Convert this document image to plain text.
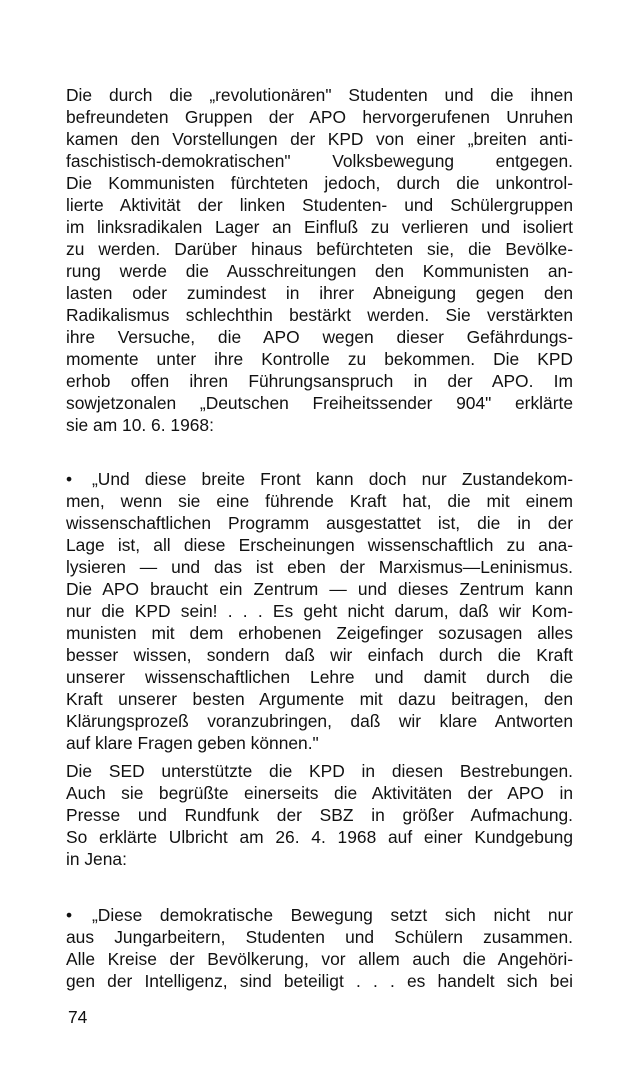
Die durch die „revolutionären" Studenten und die ihnen
befreundeten Gruppen der APO hervorgerufenen Unruhen
kamen den Vorstellungen der KPD von einer „breiten anti-
faschistisch-demokratischen" Volksbewegung entgegen.
Die Kommunisten fürchteten jedoch, durch die unkontrol-
lierte Aktivität der linken Studenten- und Schülergruppen
im linksradikalen Lager an Einfluß zu verlieren und isoliert
zu werden. Darüber hinaus befürchteten sie, die Bevölke-
rung werde die Ausschreitungen den Kommunisten an-
lasten oder zumindest in ihrer Abneigung gegen den
Radikalismus schlechthin bestärkt werden. Sie verstärkten
ihre Versuche, die APO wegen dieser Gefährdungs-
momente unter ihre Kontrolle zu bekommen. Die KPD
erhob offen ihren Führungsanspruch in der APO. Im
sowjetzonalen „Deutschen Freiheitssender 904" erklärte
sie am 10. 6. 1968:
• „Und diese breite Front kann doch nur Zustandekom-
men, wenn sie eine führende Kraft hat, die mit einem
wissenschaftlichen Programm ausgestattet ist, die in der
Lage ist, all diese Erscheinungen wissenschaftlich zu ana-
lysieren — und das ist eben der Marxismus—Leninismus.
Die APO braucht ein Zentrum — und dieses Zentrum kann
nur die KPD sein! . . . Es geht nicht darum, daß wir Kom-
munisten mit dem erhobenen Zeigefinger sozusagen alles
besser wissen, sondern daß wir einfach durch die Kraft
unserer wissenschaftlichen Lehre und damit durch die
Kraft unserer besten Argumente mit dazu beitragen, den
Klärungsprozeß voranzubringen, daß wir klare Antworten
auf klare Fragen geben können."
Die SED unterstützte die KPD in diesen Bestrebungen.
Auch sie begrüßte einerseits die Aktivitäten der APO in
Presse und Rundfunk der SBZ in größer Aufmachung.
So erklärte Ulbricht am 26. 4. 1968 auf einer Kundgebung
in Jena:
• „Diese demokratische Bewegung setzt sich nicht nur
aus Jungarbeitern, Studenten und Schülern zusammen.
Alle Kreise der Bevölkerung, vor allem auch die Angehöri-
gen der Intelligenz, sind beteiligt . . . es handelt sich bei
74
